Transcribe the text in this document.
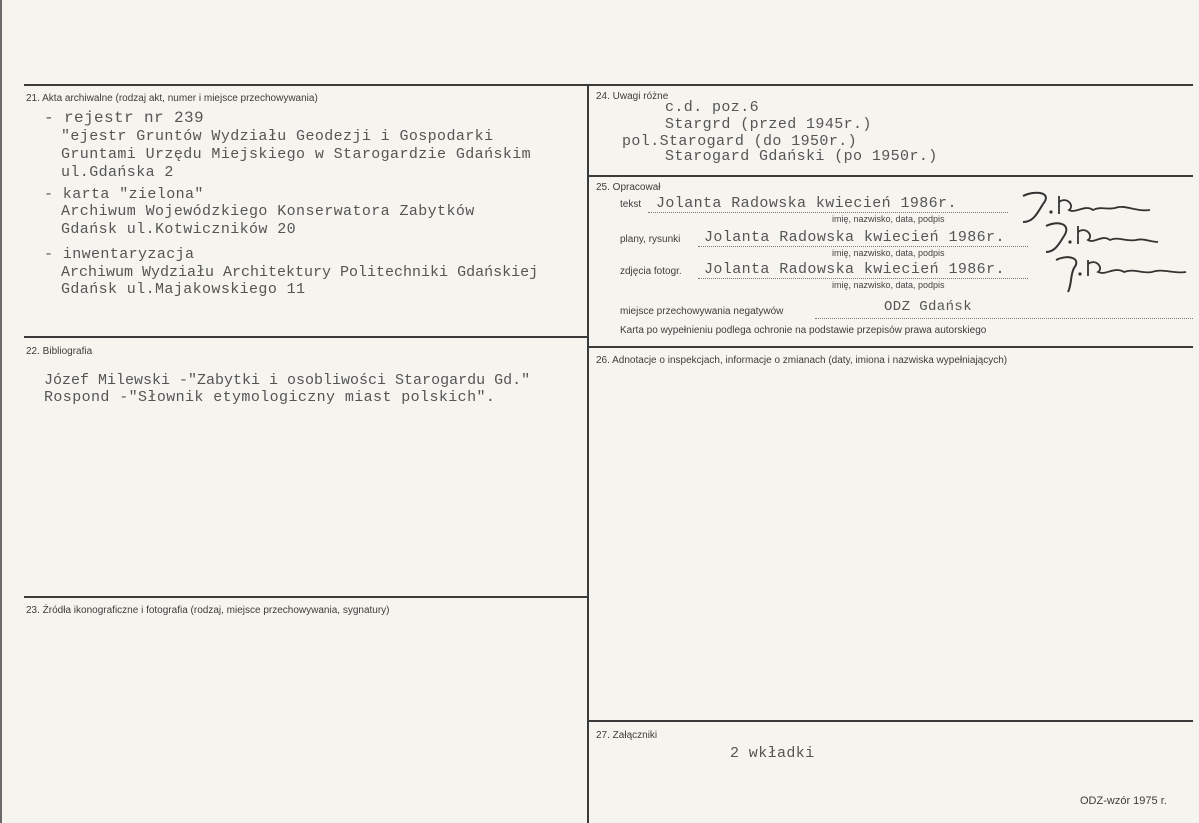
21. Akta archiwalne (rodzaj akt, numer i miejsce przechowywania)
- rejestr nr 239
"ejestr Gruntów Wydziału Geodezji i Gospodarki
Gruntami Urzędu Miejskiego w Starogardzie Gdańskim
ul.Gdańska 2
- karta "zielona"
Archiwum Wojewódzkiego Konserwatora Zabytków
Gdańsk ul.Kotwiczników 20
- inwentaryzacja
Archiwum Wydziału Architektury Politechniki Gdańskiej
Gdańsk ul.Majakowskiego 11
22. Bibliografia
Józef Milewski -"Zabytki i osobliwości Starogardu Gd."
Rospond -"Słownik etymologiczny miast polskich".
23. Źródła ikonograficzne i fotografia (rodzaj, miejsce przechowywania, sygnatury)
24. Uwagi różne
c.d. poz.6
Stargrd (przed 1945r.)
pol.Starogard (do 1950r.)
Starogard Gdański (po 1950r.)
25. Opracował
tekst Jolanta Radowska kwiecień 1986r.
imię, nazwisko, data, podpis
plany, rysunki Jolanta Radowska kwiecień 1986r.
imię, nazwisko, data, podpis
zdjęcia fotogr. Jolanta Radowska kwiecień 1986r.
imię, nazwisko, data, podpis
miejsce przechowywania negatywów	ODZ Gdańsk
Karta po wypełnieniu podlega ochronie na podstawie przepisów prawa autorskiego
26. Adnotacje o inspekcjach, informacje o zmianach (daty, imiona i nazwiska wypełniających)
27. Załączniki
2 wkładki
ODZ-wzór 1975 r.
